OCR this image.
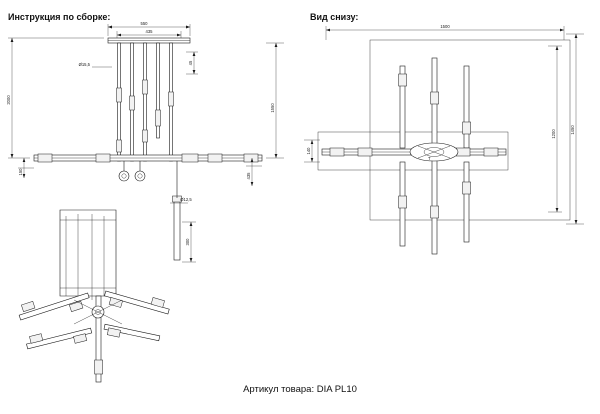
Инструкция по сборке:	Вид снизу:
550
435
Ø15,5	45
Ø12,5
300
2000
150
435
1550
1500
1450
1200
140
T
Артикул товара: DIA PL10
